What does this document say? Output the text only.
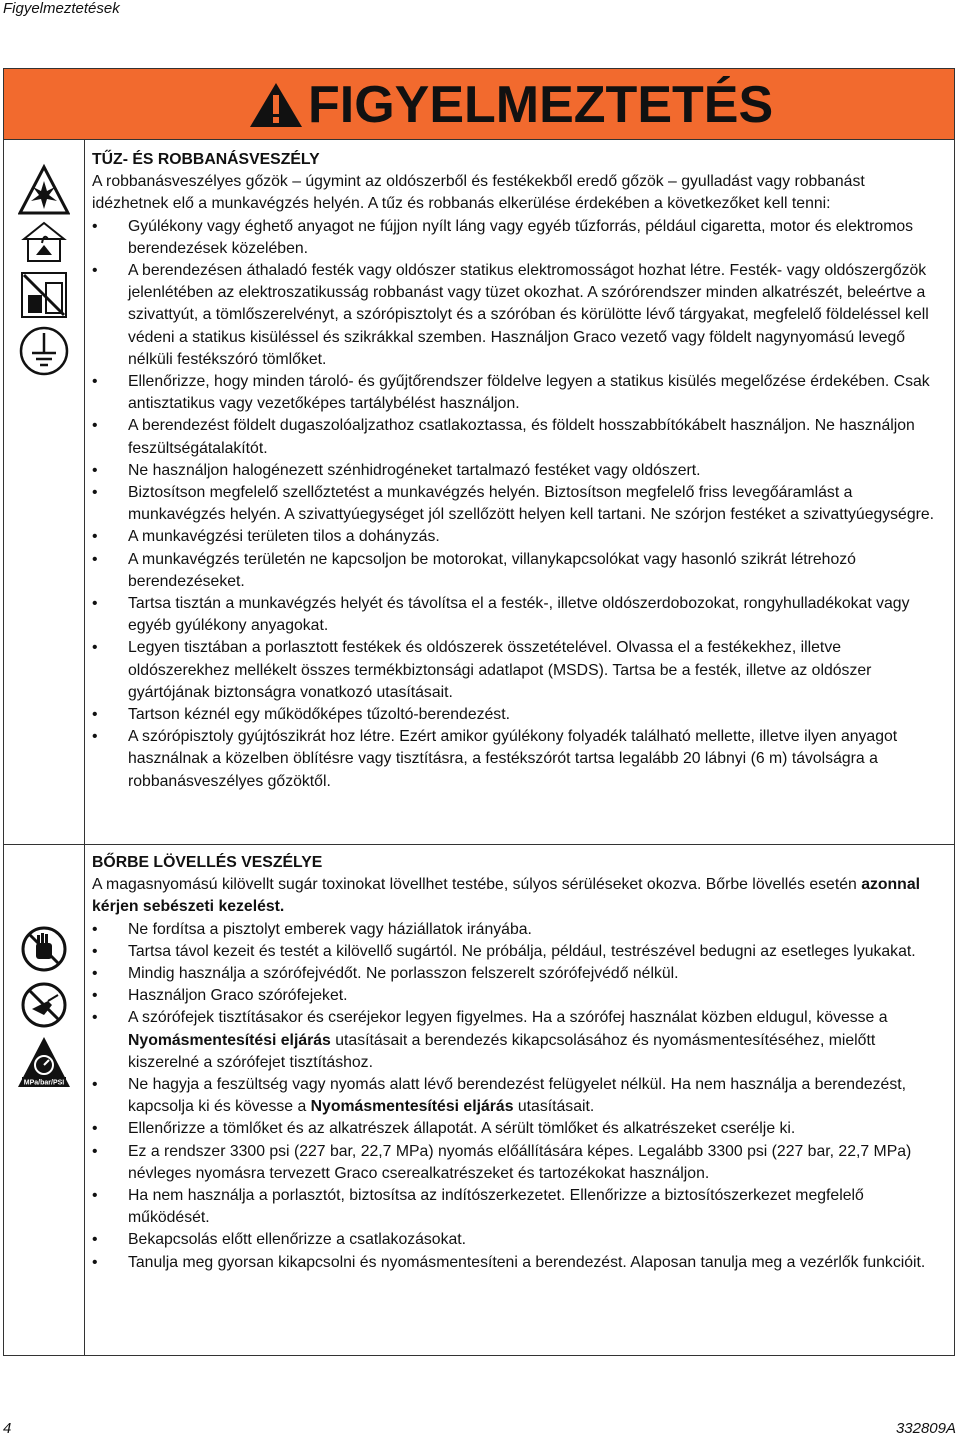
Figyelmeztetések
FIGYELMEZTETÉS
MPa/bar/PSI
TŰZ- ÉS ROBBANÁSVESZÉLY

A robbanásveszélyes gőzök – úgymint az oldószerből és festékekből eredő gőzök – gyulladást vagy robbanást idézhetnek elő a munkavégzés helyén. A tűz és robbanás elkerülése érdekében a következőket kell tenni:

• Gyúlékony vagy éghető anyagot ne fújjon nyílt láng vagy egyéb tűzforrás, például cigaretta, motor és elektromos berendezések közelében.
• A berendezésen áthaladó festék vagy oldószer statikus elektromosságot hozhat létre. Festék- vagy oldószergőzök jelenlétében az elektroszatikusság robbanást vagy tüzet okozhat. A szórórendszer minden alkatrészét, beleértve a szivattyút, a tömlőszerelvényt, a szórópisztolyt és a szóróban és körülötte lévő tárgyakat, megfelelő földeléssel kell védeni a statikus kisüléssel és szikrákkal szemben. Használjon Graco vezető vagy földelt nagynyomású levegő nélküli festékszóró tömlőket.
• Ellenőrizze, hogy minden tároló- és gyűjtőrendszer földelve legyen a statikus kisülés megelőzése érdekében. Csak antisztatikus vagy vezetőképes tartálybélést használjon.
• A berendezést földelt dugaszolóaljzathoz csatlakoztassa, és földelt hosszabbítókábelt használjon. Ne használjon feszültségátalakítót.
• Ne használjon halogénezett szénhidrogéneket tartalmazó festéket vagy oldószert.
• Biztosítson megfelelő szellőztetést a munkavégzés helyén. Biztosítson megfelelő friss levegőáramlást a munkavégzés helyén. A szivattyúegységet jól szellőzött helyen kell tartani. Ne szórjon festéket a szivattyúegységre.
• A munkavégzési területen tilos a dohányzás.
• A munkavégzés területén ne kapcsoljon be motorokat, villanykapcsolókat vagy hasonló szikrát létrehozó berendezéseket.
• Tartsa tisztán a munkavégzés helyét és távolítsa el a festék-, illetve oldószerdobozokat, rongyhulladékokat vagy egyéb gyúlékony anyagokat.
• Legyen tisztában a porlasztott festékek és oldószerek összetételével. Olvassa el a festékekhez, illetve oldószerekhez mellékelt összes termékbiztonsági adatlapot (MSDS). Tartsa be a festék, illetve az oldószer gyártójának biztonságra vonatkozó utasításait.
• Tartson kéznél egy működőképes tűzoltó-berendezést.
• A szórópisztoly gyújtószikrát hoz létre. Ezért amikor gyúlékony folyadék található mellette, illetve ilyen anyagot használnak a közelben öblítésre vagy tisztításra, a festékszórót tartsa legalább 20 lábnyi (6 m) távolságra a robbanásveszélyes gőzöktől.
BŐRBE LÖVELLÉS VESZÉLYE

A magasnyomású kilövellt sugár toxinokat lövellhet testébe, súlyos sérüléseket okozva. Bőrbe lövellés esetén azonnal kérjen sebészeti kezelést.

• Ne fordítsa a pisztolyt emberek vagy háziállatok irányába.
• Tartsa távol kezeit és testét a kilövellő sugártól. Ne próbálja, például, testrészével bedugni az esetleges lyukakat.
• Mindig használja a szórófejvédőt. Ne porlasszon felszerelt szórófejvédő nélkül.
• Használjon Graco szórófejeket.
• A szórófejek tisztításakor és cseréjekor legyen figyelmes. Ha a szórófej használat közben eldugul, kövesse a Nyomásmentesítési eljárás utasításait a berendezés kikapcsolásához és nyomásmentesítéséhez, mielőtt kiszerelné a szórófejet tisztításhoz.
• Ne hagyja a feszültség vagy nyomás alatt lévő berendezést felügyelet nélkül. Ha nem használja a berendezést, kapcsolja ki és kövesse a Nyomásmentesítési eljárás utasításait.
• Ellenőrizze a tömlőket és az alkatrészek állapotát. A sérült tömlőket és alkatrészeket cserélje ki.
• Ez a rendszer 3300 psi (227 bar, 22,7 MPa) nyomás előállítására képes. Legalább 3300 psi (227 bar, 22,7 MPa) névleges nyomásra tervezett Graco cserealkatrészeket és tartozékokat használjon.
• Ha nem használja a porlasztót, biztosítsa az indítószerkezetet. Ellenőrizze a biztosítószerkezet megfelelő működését.
• Bekapcsolás előtt ellenőrizze a csatlakozásokat.
• Tanulja meg gyorsan kikapcsolni és nyomásmentesíteni a berendezést. Alaposan tanulja meg a vezérlők funkcióit.
4	332809A
